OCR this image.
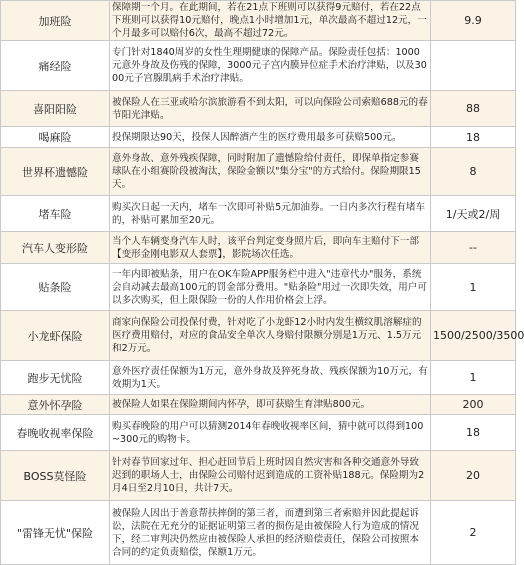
加班险	保障期一个月。在此期间，若在21点下班则可以获得9元赔付，若在22点下班则可以获得10元赔付，晚点1小时增加1元，单次最高不超过12元，一个月最多可以赔付6次，最高不超过72元。	9.9
痛经险	专门针对1840周岁的女性生理期健康的保障产品。保险责任包括：1000元意外身故及伤残的保障，3000元子宫内膜异位症手术治疗津贴，以及3000元子宫腺肌病手术治疗津贴。	
喜阳阳险	被保险人在三亚或哈尔滨旅游看不到太阳，可以向保险公司索赔688元的春节阳光津贴。	88
喝麻险	投保期限达90天，投保人因醉酒产生的医疗费用最多可获赔500元。	18
世界杯遗憾险	意外身故、意外残疾保障，同时附加了遗憾险给付责任，即保单指定参赛球队在小组赛阶段被淘汰，保险金额以"集分宝"的方式给付。保险期限15天。	8
堵车险	购买次日起一天内，堵车一次即可补贴5元加油券。一日内多次行程有堵车的，补贴可累加至20元。	1/天或2/周
汽车人变形险	当个人车辆变身汽车人时，该平台判定变身照片后，即向车主赔付下一部【变形金刚电影双人套票】，影院场次任选。	--
贴条险	一年内即被贴条，用户在OK车险APP服务栏中进入"违章代办"服务，系统会自动减去最高100元的罚金部分费用。"贴条险"用过一次即失效，用户可以多次购买，但上限保险一份的人作用价格会上浮。	1
小龙虾保险	商家向保险公司投保付费，针对吃了小龙虾12小时内发生横纹肌溶解症的医疗费用赔付，对应的食品安全单次人身赔付限额分别是1万元、1.5万元和2万元。	1500/2500/3500
跑步无忧险	意外医疗责任保额为1万元，意外身故及猝死身故、残疾保额为10万元，有效期为1天。	1
意外怀孕险	被保险人如果在保险期间内怀孕，即可获赔生育津贴800元。	200
春晚收视率保险	购买春晚险的用户可以猜测2014年春晚收视率区间，猜中就可以得到100~300元的购物卡。	18
BOSS莫怪险	针对春节回家过年、担心赶回节后上班时因自然灾害和各种交通意外导致迟到的职场人士，由保险公司赔付迟到造成的工资补贴188元。保险期为2月4日至2月10日，共计7天。	20
"雷锋无忧"保险	被保险人因出于善意帮扶摔倒的第三者，而遭到第三者索赔并因此提起诉讼，法院在无充分的证据证明第三者的损伤是由被保险人行为造成的情况下，经二审判决仍然应由被保险人承担的经济赔偿责任，保险公司按照本合同的约定负责赔偿，保额1万元。	2
